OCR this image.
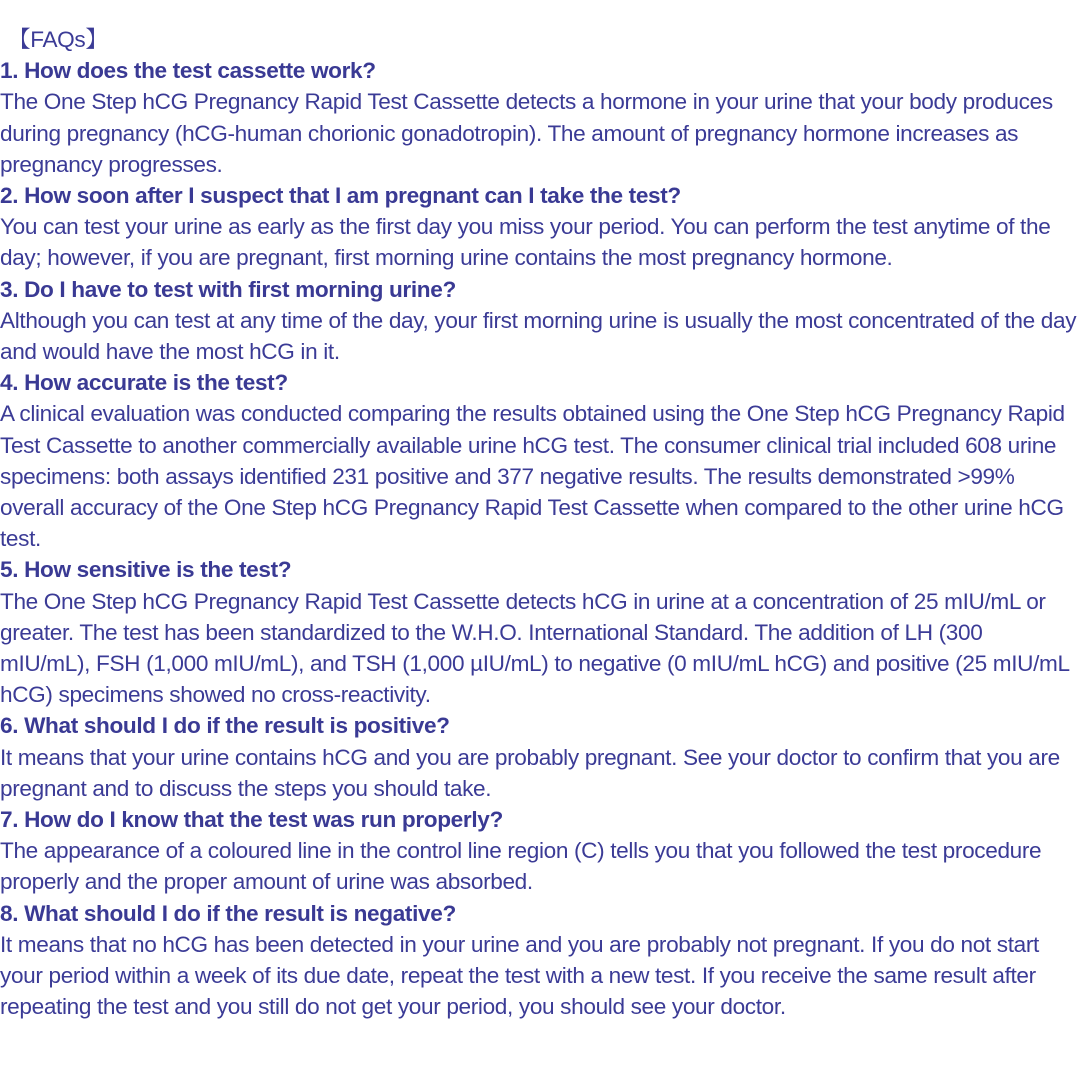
【FAQs】
1. How does the test cassette work?
The One Step hCG Pregnancy Rapid Test Cassette detects a hormone in your urine that your body produces during pregnancy (hCG-human chorionic gonadotropin). The amount of pregnancy hormone increases as pregnancy progresses.
2. How soon after I suspect that I am pregnant can I take the test?
You can test your urine as early as the first day you miss your period. You can perform the test anytime of the day; however, if you are pregnant, first morning urine contains the most pregnancy hormone.
3. Do I have to test with first morning urine?
Although you can test at any time of the day, your first morning urine is usually the most concentrated of the day and would have the most hCG in it.
4. How accurate is the test?
A clinical evaluation was conducted comparing the results obtained using the One Step hCG Pregnancy Rapid Test Cassette to another commercially available urine hCG test. The consumer clinical trial included 608 urine specimens: both assays identified 231 positive and 377 negative results. The results demonstrated >99% overall accuracy of the One Step hCG Pregnancy Rapid Test Cassette when compared to the other urine hCG test.
5. How sensitive is the test?
The One Step hCG Pregnancy Rapid Test Cassette detects hCG in urine at a concentration of 25 mIU/mL or greater. The test has been standardized to the W.H.O. International Standard. The addition of LH (300 mIU/mL), FSH (1,000 mIU/mL), and TSH (1,000 µIU/mL) to negative (0 mIU/mL hCG) and positive (25 mIU/mL hCG) specimens showed no cross-reactivity.
6. What should I do if the result is positive?
It means that your urine contains hCG and you are probably pregnant. See your doctor to confirm that you are pregnant and to discuss the steps you should take.
7. How do I know that the test was run properly?
The appearance of a coloured line in the control line region (C) tells you that you followed the test procedure properly and the proper amount of urine was absorbed.
8. What should I do if the result is negative?
It means that no hCG has been detected in your urine and you are probably not pregnant. If you do not start your period within a week of its due date, repeat the test with a new test. If you receive the same result after repeating the test and you still do not get your period, you should see your doctor.
